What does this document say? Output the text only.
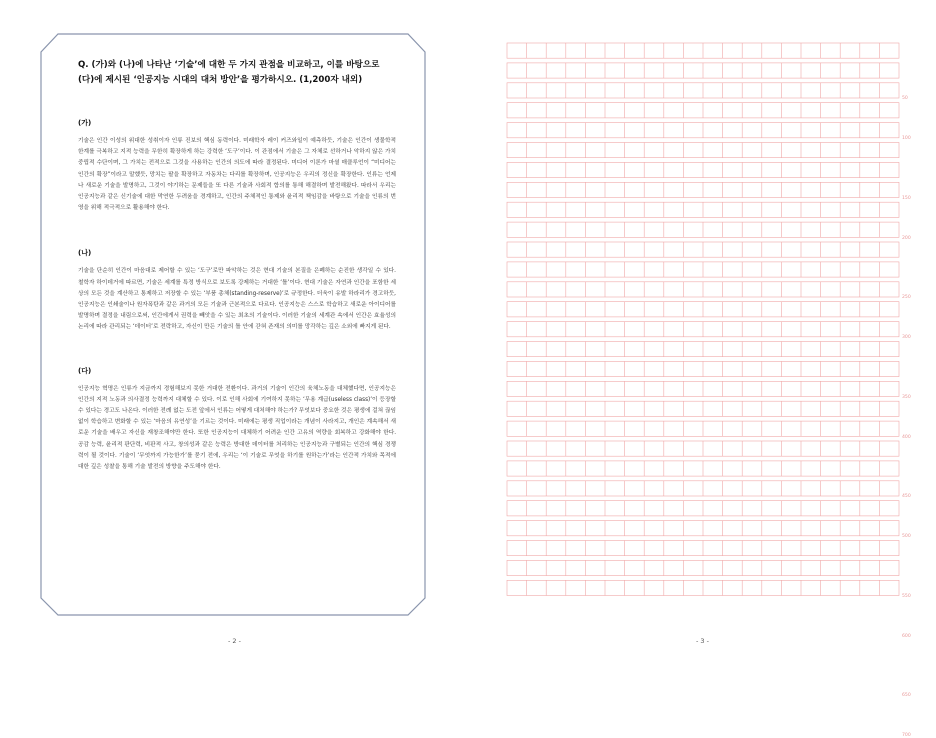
Q. (가)와 (나)에 나타난 ‘기술’에 대한 두 가지 관점을 비교하고, 이를 바탕으로 (다)에 제시된 ‘인공지능 시대의 대처 방안’을 평가하시오. (1,200자 내외)

(가)

기술은 인간 이성의 위대한 성취이자 인류 진보의 핵심 동력이다. 미래학자 레이 커즈와일이 예측하듯, 기술은 인간이 생물학적 한계를 극복하고 지적 능력을 무한히 확장하게 하는 강력한 ‘도구’이다. 이 관점에서 기술은 그 자체로 선하거나 악하지 않은 가치중립적 수단이며, 그 가치는 전적으로 그것을 사용하는 인간의 의도에 따라 결정된다. 미디어 이론가 마셜 매클루언이 “미디어는 인간의 확장”이라고 말했듯, 망치는 팔을 확장하고 자동차는 다리를 확장하며, 인공지능은 우리의 정신을 확장한다. 인류는 언제나 새로운 기술을 발명하고, 그것이 야기하는 문제들을 또 다른 기술과 사회적 합의를 통해 해결하며 발전해왔다. 따라서 우리는 인공지능과 같은 신기술에 대한 막연한 두려움을 경계하고, 인간의 주체적인 통제와 윤리적 책임감을 바탕으로 기술을 인류의 번영을 위해 적극적으로 활용해야 한다.

(나)

기술을 단순히 인간이 마음대로 제어할 수 있는 ‘도구’로만 파악하는 것은 현대 기술의 본질을 은폐하는 순진한 생각일 수 있다. 철학자 하이데거에 따르면, 기술은 세계를 특정 방식으로 보도록 강제하는 거대한 ‘틀’이다. 현대 기술은 자연과 인간을 포함한 세상의 모든 것을 계산하고 통제하고 저장할 수 있는 ‘부품 총체(standing-reserve)’로 규정한다. 더욱이 유발 하라리가 경고하듯, 인공지능은 인쇄술이나 원자폭탄과 같은 과거의 모든 기술과 근본적으로 다르다. 인공지능은 스스로 학습하고 새로운 아이디어를 발명하며 결정을 내림으로써, 인간에게서 권력을 빼앗을 수 있는 최초의 기술이다. 이러한 기술의 세계관 속에서 인간은 효율성의 논리에 따라 관리되는 ‘데이터’로 전락하고, 자신이 만든 기술의 틀 안에 갇혀 존재의 의미를 망각하는 깊은 소외에 빠지게 된다.

(다)

인공지능 혁명은 인류가 지금까지 경험해보지 못한 거대한 전환이다. 과거의 기술이 인간의 육체노동을 대체했다면, 인공지능은 인간의 지적 노동과 의사결정 능력까지 대체할 수 있다. 이로 인해 사회에 기여하지 못하는 ‘무용 계급(useless class)’이 등장할 수 있다는 경고도 나온다. 이러한 전례 없는 도전 앞에서 인류는 어떻게 대처해야 하는가? 무엇보다 중요한 것은 평생에 걸쳐 끊임없이 학습하고 변화할 수 있는 ‘마음의 유연성’을 기르는 것이다. 미래에는 평생 직업이라는 개념이 사라지고, 개인은 계속해서 새로운 기술을 배우고 자신을 재창조해야만 한다. 또한 인공지능이 대체하기 어려운 인간 고유의 역량을 회복하고 강화해야 한다. 공감 능력, 윤리적 판단력, 비판적 사고, 창의성과 같은 능력은 방대한 데이터를 처리하는 인공지능과 구별되는 인간의 핵심 경쟁력이 될 것이다. 기술이 ‘무엇까지 가능한가’를 묻기 전에, 우리는 ‘이 기술로 무엇을 하기를 원하는가’라는 인간적 가치와 목적에 대한 깊은 성찰을 통해 기술 발전의 방향을 주도해야 한다.

- 2 -
50
100
150
200
250
300
350
400
450
500
550
600
650
700
- 3 -
